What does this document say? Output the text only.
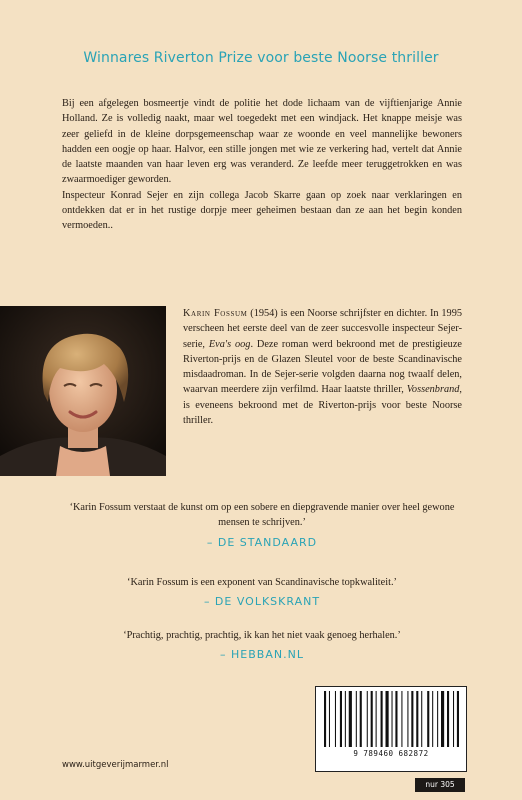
Winnares Riverton Prize voor beste Noorse thriller

Bij een afgelegen bosmeertje vindt de politie het dode lichaam van de vijftienjarige Annie Holland. Ze is volledig naakt, maar wel toegedekt met een windjack. Het knappe meisje was zeer geliefd in de kleine dorpsgemeenschap waar ze woonde en veel mannelijke bewoners hadden een oogje op haar. Halvor, een stille jongen met wie ze verkering had, vertelt dat Annie de laatste maanden van haar leven erg was veranderd. Ze leefde meer teruggetrokken en was zwaarmoediger geworden.

Inspecteur Konrad Sejer en zijn collega Jacob Skarre gaan op zoek naar verklaringen en ontdekken dat er in het rustige dorpje meer geheimen bestaan dan ze aan het begin konden vermoeden..

Karin Fossum (1954) is een Noorse schrijfster en dichter. In 1995 verscheen het eerste deel van de zeer succesvolle inspecteur Sejer-serie, Eva's oog. Deze roman werd bekroond met de prestigieuze Riverton-prijs en de Glazen Sleutel voor de beste Scandinavische misdaadroman. In de Sejer-serie volgden daarna nog twaalf delen, waarvan meerdere zijn verfilmd. Haar laatste thriller, Vossenbrand, is eveneens bekroond met de Riverton-prijs voor beste Noorse thriller.

‘Karin Fossum verstaat de kunst om op een sobere en diepgravende manier over heel gewone mensen te schrijven.’
– DE STANDAARD
‘Karin Fossum is een exponent van Scandinavische topkwaliteit.’
– DE VOLKSKRANT
‘Prachtig, prachtig, prachtig, ik kan het niet vaak genoeg herhalen.’
– HEBBAN.NL
www.uitgeverijmarmer.nl
9 789460 682872
nur 305
